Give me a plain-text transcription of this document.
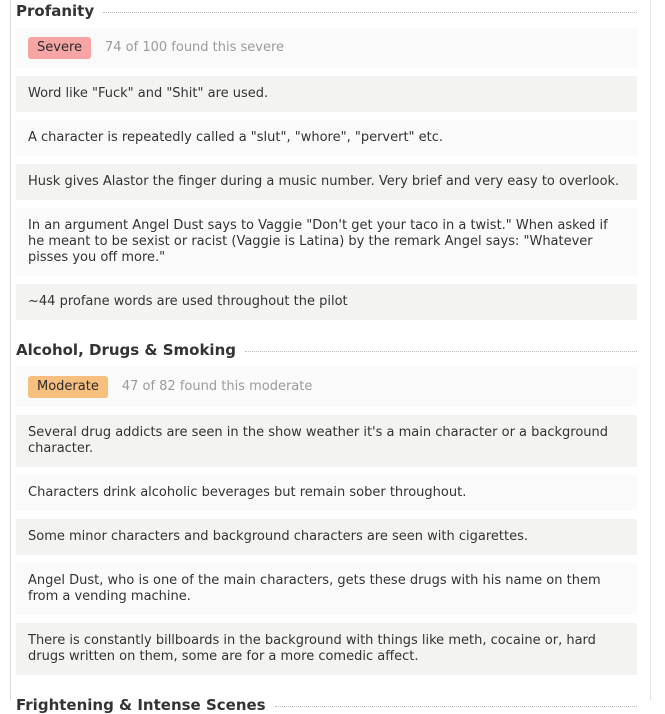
Profanity
Severe	74 of 100 found this severe
Word like "Fuck" and "Shit" are used.
A character is repeatedly called a "slut", "whore", "pervert" etc.
Husk gives Alastor the finger during a music number. Very brief and very easy to overlook.
In an argument Angel Dust says to Vaggie "Don't get your taco in a twist." When asked if he meant to be sexist or racist (Vaggie is Latina) by the remark Angel says: "Whatever pisses you off more."
~44 profane words are used throughout the pilot
Alcohol, Drugs & Smoking
Moderate	47 of 82 found this moderate
Several drug addicts are seen in the show weather it's a main character or a background character.
Characters drink alcoholic beverages but remain sober throughout.
Some minor characters and background characters are seen with cigarettes.
Angel Dust, who is one of the main characters, gets these drugs with his name on them from a vending machine.
There is constantly billboards in the background with things like meth, cocaine or, hard drugs written on them, some are for a more comedic affect.
Frightening & Intense Scenes
